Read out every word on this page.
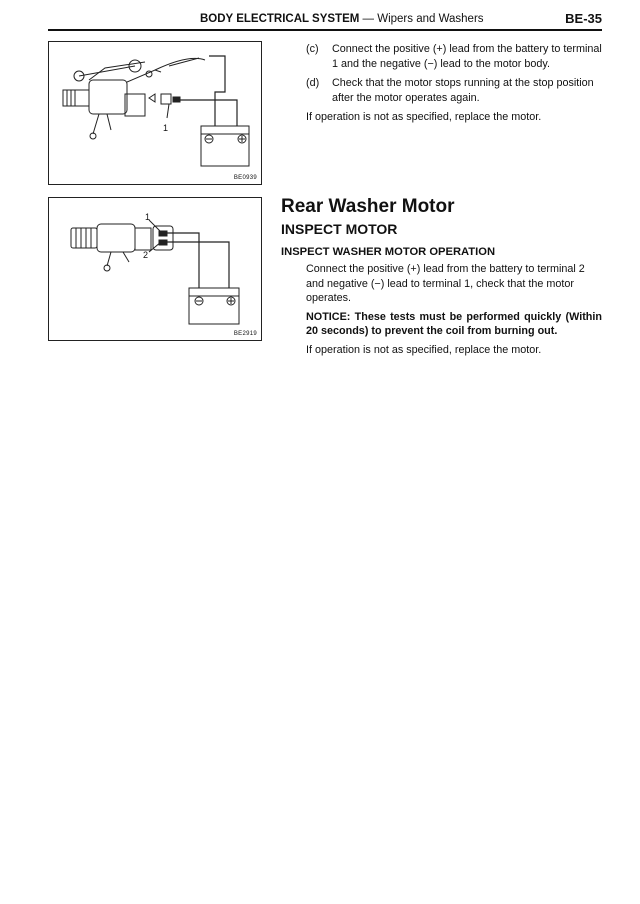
BODY ELECTRICAL SYSTEM — Wipers and Washers	BE-35
1
BE0939
1
2
BE2919
(c)	Connect the positive (+) lead from the battery to terminal 1 and the negative (−) lead to the motor body.
(d)	Check that the motor stops running at the stop position after the motor operates again.
If operation is not as specified, replace the motor.
Rear Washer Motor
INSPECT MOTOR
INSPECT WASHER MOTOR OPERATION

Connect the positive (+) lead from the battery to terminal 2 and negative (−) lead to terminal 1, check that the motor operates.

NOTICE: These tests must be performed quickly (Within 20 seconds) to prevent the coil from burning out.

If operation is not as specified, replace the motor.
